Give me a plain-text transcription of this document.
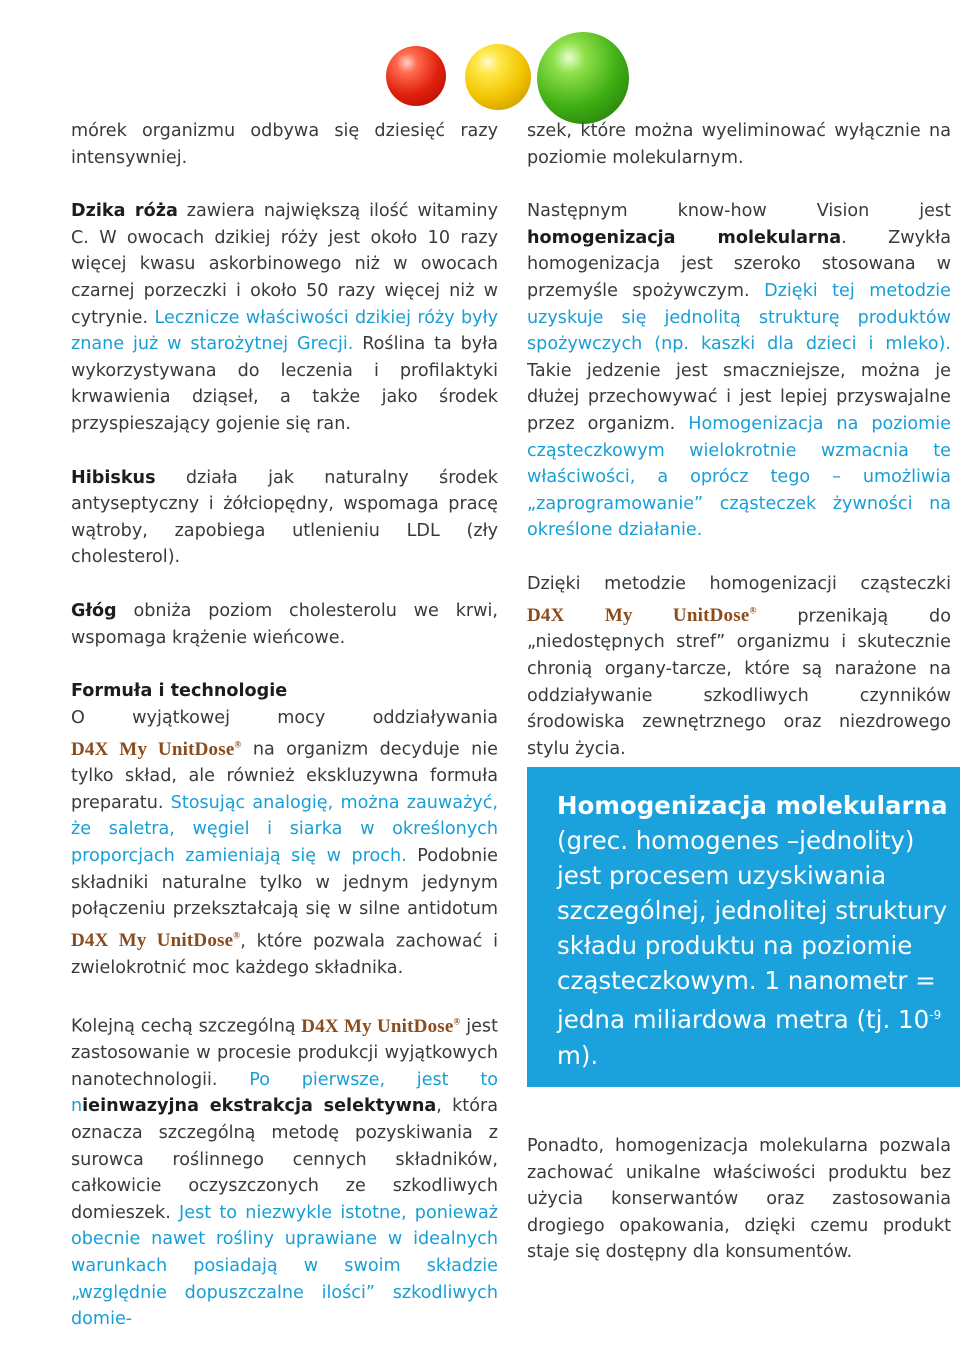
mórek organizmu odbywa się dziesięć razy intensywniej.

Dzika róża zawiera największą ilość witaminy C. W owocach dzikiej róży jest około 10 razy więcej kwasu askorbinowego niż w owocach czarnej porzeczki i około 50 razy więcej niż w cytrynie. Lecznicze właściwości dzikiej róży były znane już w starożytnej Grecji. Roślina ta była wykorzystywana do leczenia i profilaktyki krwawienia dziąseł, a także jako środek przyspieszający gojenie się ran.

Hibiskus działa jak naturalny środek antyseptyczny i żółciopędny, wspomaga pracę wątroby, zapobiega utlenieniu LDL (zły cholesterol).

Głóg obniża poziom cholesterolu we krwi, wspomaga krążenie wieńcowe.

Formuła i technologie

O wyjątkowej mocy oddziaływania D4X My UnitDose® na organizm decyduje nie tylko skład, ale również ekskluzywna formuła preparatu. Stosując analogię, można zauważyć, że saletra, węgiel i siarka w określonych proporcjach zamieniają się w proch. Podobnie składniki naturalne tylko w jednym jedynym połączeniu przekształcają się w silne antidotum D4X My UnitDose®, które pozwala zachować i zwielokrotnić moc każdego składnika.

Kolejną cechą szczególną D4X My UnitDose® jest zastosowanie w procesie produkcji wyjątkowych nanotechnologii. Po pierwsze, jest to nieinwazyjna ekstrakcja selektywna, która oznacza szczególną metodę pozyskiwania z surowca roślinnego cennych składników, całkowicie oczyszczonych ze szkodliwych domieszek. Jest to niezwykle istotne, ponieważ obecnie nawet rośliny uprawiane w idealnych warunkach posiadają w swoim składzie „względnie dopuszczalne ilości” szkodliwych domie-

szek, które można wyeliminować wyłącznie na poziomie molekularnym.

Następnym know-how Vision jest homogenizacja molekularna. Zwykła homogenizacja jest szeroko stosowana w przemyśle spożywczym. Dzięki tej metodzie uzyskuje się jednolitą strukturę produktów spożywczych (np. kaszki dla dzieci i mleko). Takie jedzenie jest smaczniejsze, można je dłużej przechowywać i jest lepiej przyswajalne przez organizm. Homogenizacja na poziomie cząsteczkowym wielokrotnie wzmacnia te właściwości, a oprócz tego – umożliwia „zaprogramowanie” cząsteczek żywności na określone działanie.

Dzięki metodzie homogenizacji cząsteczki D4X My UnitDose® przenikają do „niedostępnych stref” organizmu i skutecznie chronią organy-tarcze, które są narażone na oddziaływanie szkodliwych czynników środowiska zewnętrznego oraz niezdrowego stylu życia.

Homogenizacja molekularna
(grec. homogenes –jednolity) jest procesem uzyskiwania szczególnej, jednolitej struktury składu produktu na poziomie cząsteczkowym. 1 nanometr = jedna miliardowa metra (tj. $10^{-9}$ m).

Ponadto, homogenizacja molekularna pozwala zachować unikalne właściwości produktu bez użycia konserwantów oraz zastosowania drogiego opakowania, dzięki czemu produkt staje się dostępny dla konsumentów.
